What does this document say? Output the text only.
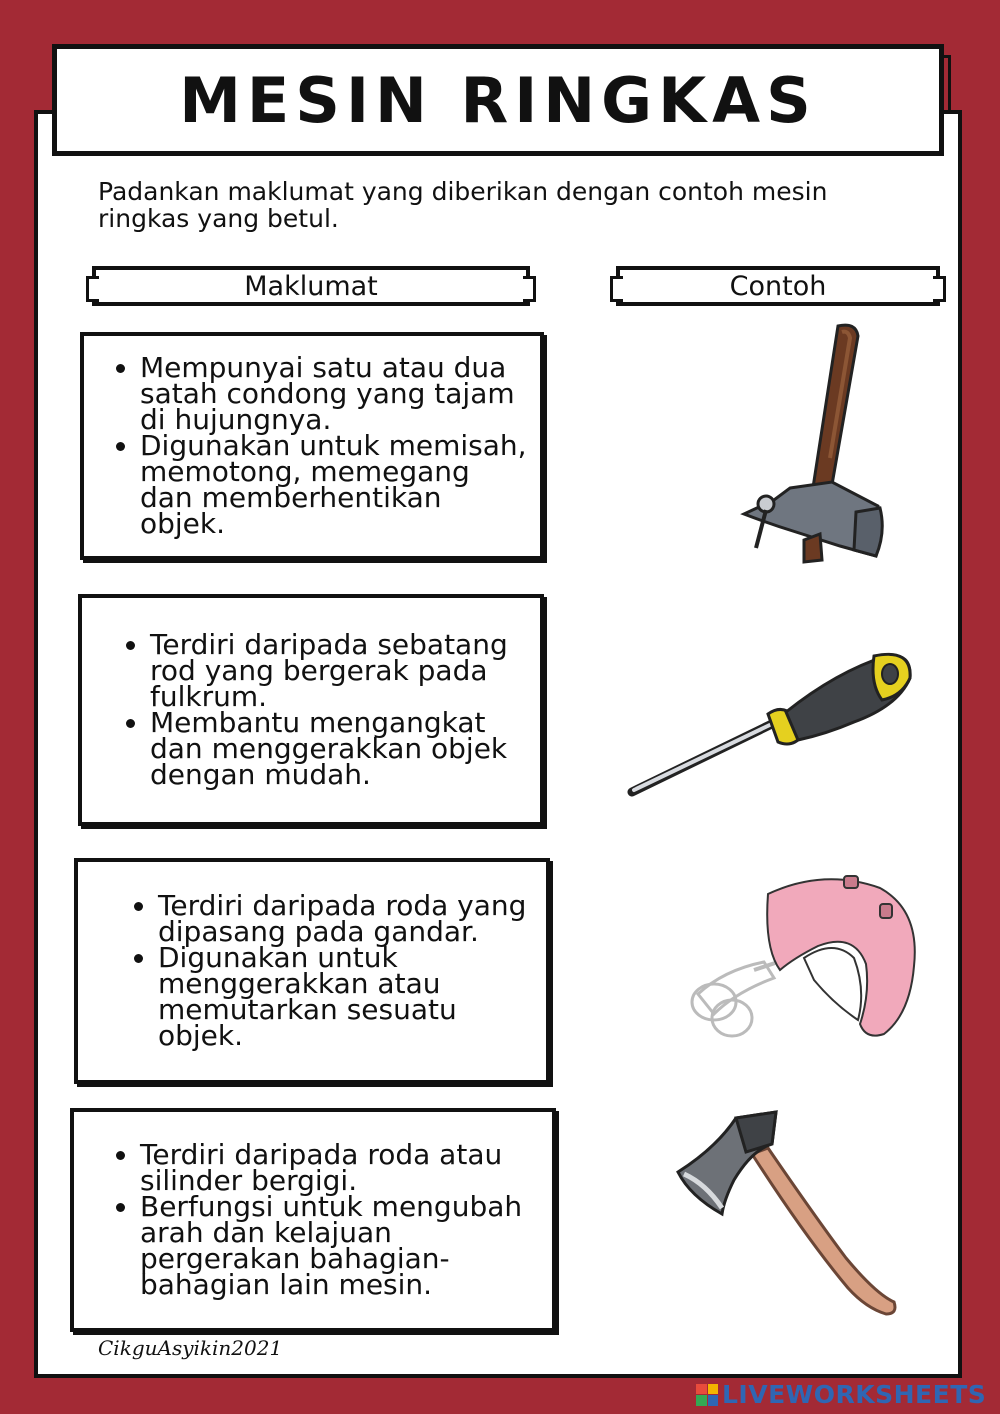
MESIN RINGKAS
Padankan maklumat yang diberikan dengan contoh mesin ringkas yang betul.
Maklumat	Contoh
• Mempunyai satu atau dua satah condong yang tajam di hujungnya.
• Digunakan untuk memisah, memotong, memegang dan memberhentikan objek.
• Terdiri daripada sebatang rod yang bergerak pada fulkrum.
• Membantu mengangkat dan menggerakkan objek dengan mudah.
• Terdiri daripada roda yang dipasang pada gandar.
• Digunakan untuk menggerakkan atau memutarkan sesuatu objek.
• Terdiri daripada roda atau silinder bergigi.
• Berfungsi untuk mengubah arah dan kelajuan pergerakan bahagian-bahagian lain mesin.
CikguAsyikin2021
LIVEWORKSHEETS
